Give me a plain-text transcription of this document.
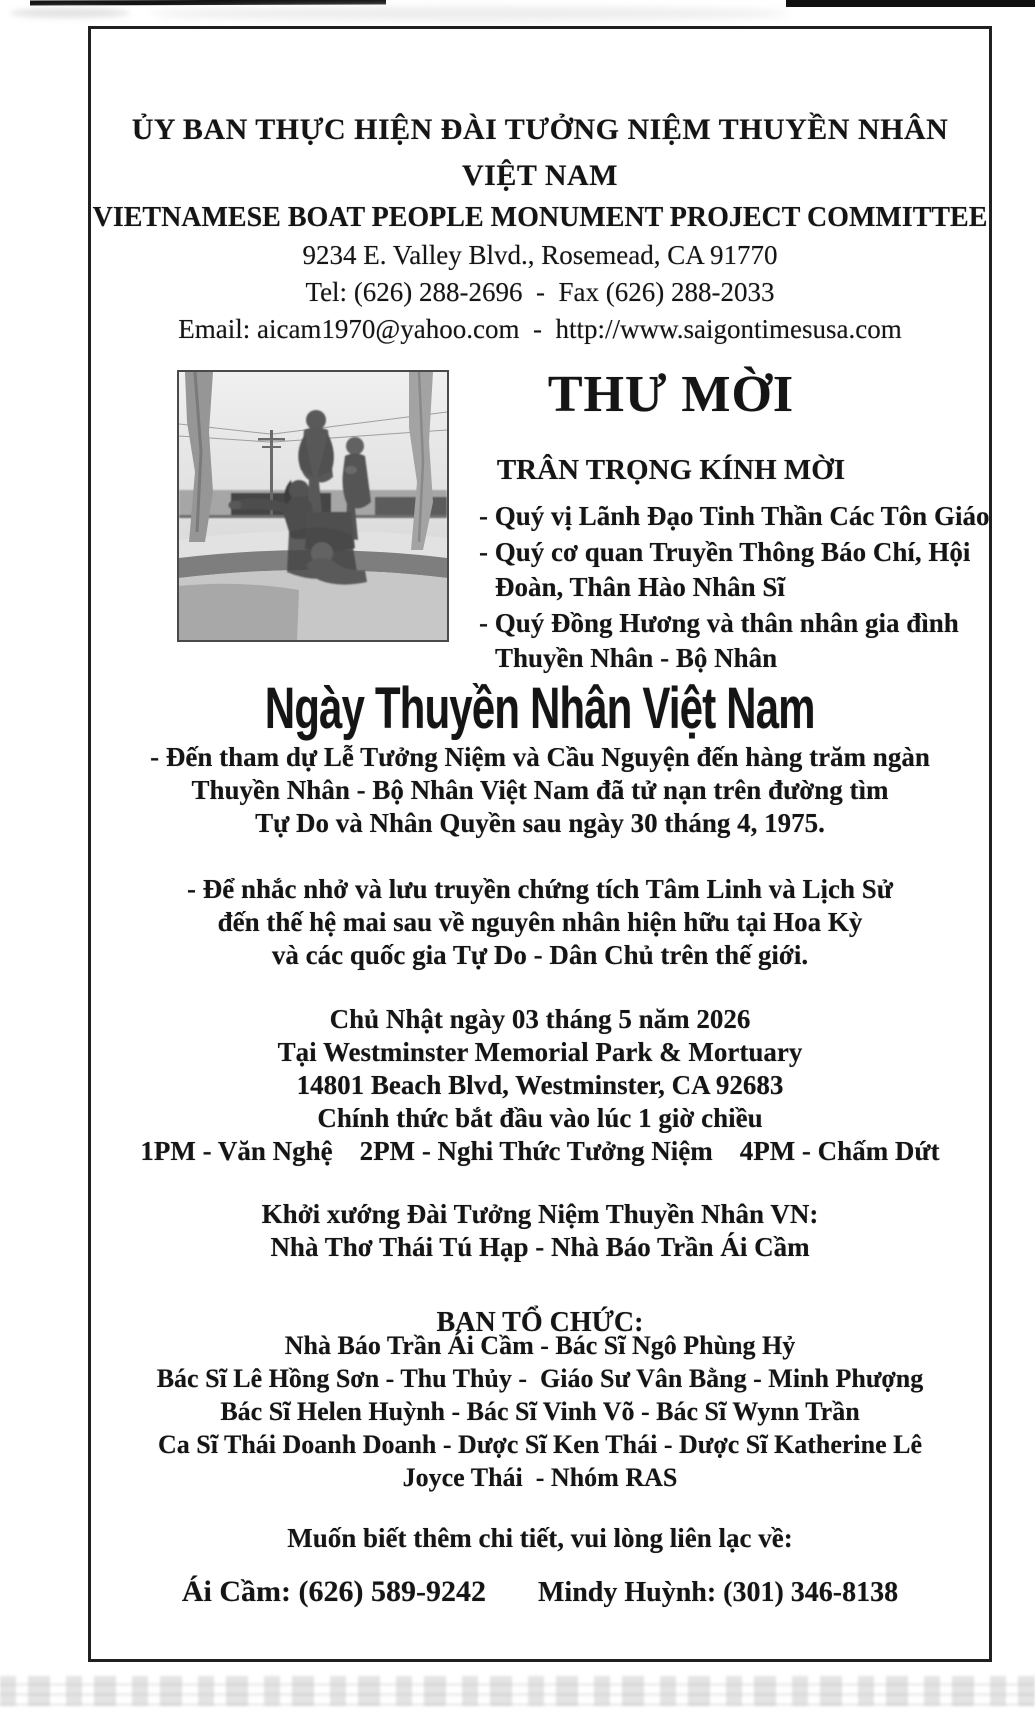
ỦY BAN THỰC HIỆN ĐÀI TƯỞNG NIỆM THUYỀN NHÂN VIỆT NAM
VIETNAMESE BOAT PEOPLE MONUMENT PROJECT COMMITTEE
9234 E. Valley Blvd., Rosemead, CA 91770
Tel: (626) 288-2696  -  Fax (626) 288-2033
Email: aicam1970@yahoo.com  -  http://www.saigontimesusa.com
THƯ MỜI
TRÂN TRỌNG KÍNH MỜI
- Quý vị Lãnh Đạo Tinh Thần Các Tôn Giáo
- Quý cơ quan Truyền Thông Báo Chí, Hội
Đoàn, Thân Hào Nhân Sĩ
- Quý Đồng Hương và thân nhân gia đình
Thuyền Nhân - Bộ Nhân
Ngày Thuyền Nhân Việt Nam
- Đến tham dự Lễ Tưởng Niệm và Cầu Nguyện đến hàng trăm ngàn
Thuyền Nhân - Bộ Nhân Việt Nam đã tử nạn trên đường tìm
Tự Do và Nhân Quyền sau ngày 30 tháng 4, 1975.
- Để nhắc nhở và lưu truyền chứng tích Tâm Linh và Lịch Sử
đến thế hệ mai sau về nguyên nhân hiện hữu tại Hoa Kỳ
và các quốc gia Tự Do - Dân Chủ trên thế giới.
Chủ Nhật ngày 03 tháng 5 năm 2026
Tại Westminster Memorial Park & Mortuary
14801 Beach Blvd, Westminster, CA 92683
Chính thức bắt đầu vào lúc 1 giờ chiều
1PM - Văn Nghệ    2PM - Nghi Thức Tưởng Niệm    4PM - Chấm Dứt
Khởi xướng Đài Tưởng Niệm Thuyền Nhân VN:
Nhà Thơ Thái Tú Hạp - Nhà Báo Trần Ái Cầm
BAN TỔ CHỨC:
Nhà Báo Trần Ái Cầm - Bác Sĩ Ngô Phùng Hỷ
Bác Sĩ Lê Hồng Sơn - Thu Thủy -  Giáo Sư Vân Bằng - Minh Phượng
Bác Sĩ Helen Huỳnh - Bác Sĩ Vinh Võ - Bác Sĩ Wynn Trần
Ca Sĩ Thái Doanh Doanh - Dược Sĩ Ken Thái - Dược Sĩ Katherine Lê
Joyce Thái  - Nhóm RAS
Muốn biết thêm chi tiết, vui lòng liên lạc về:
Ái Cầm: (626) 589-9242 Mindy Huỳnh: (301) 346-8138
